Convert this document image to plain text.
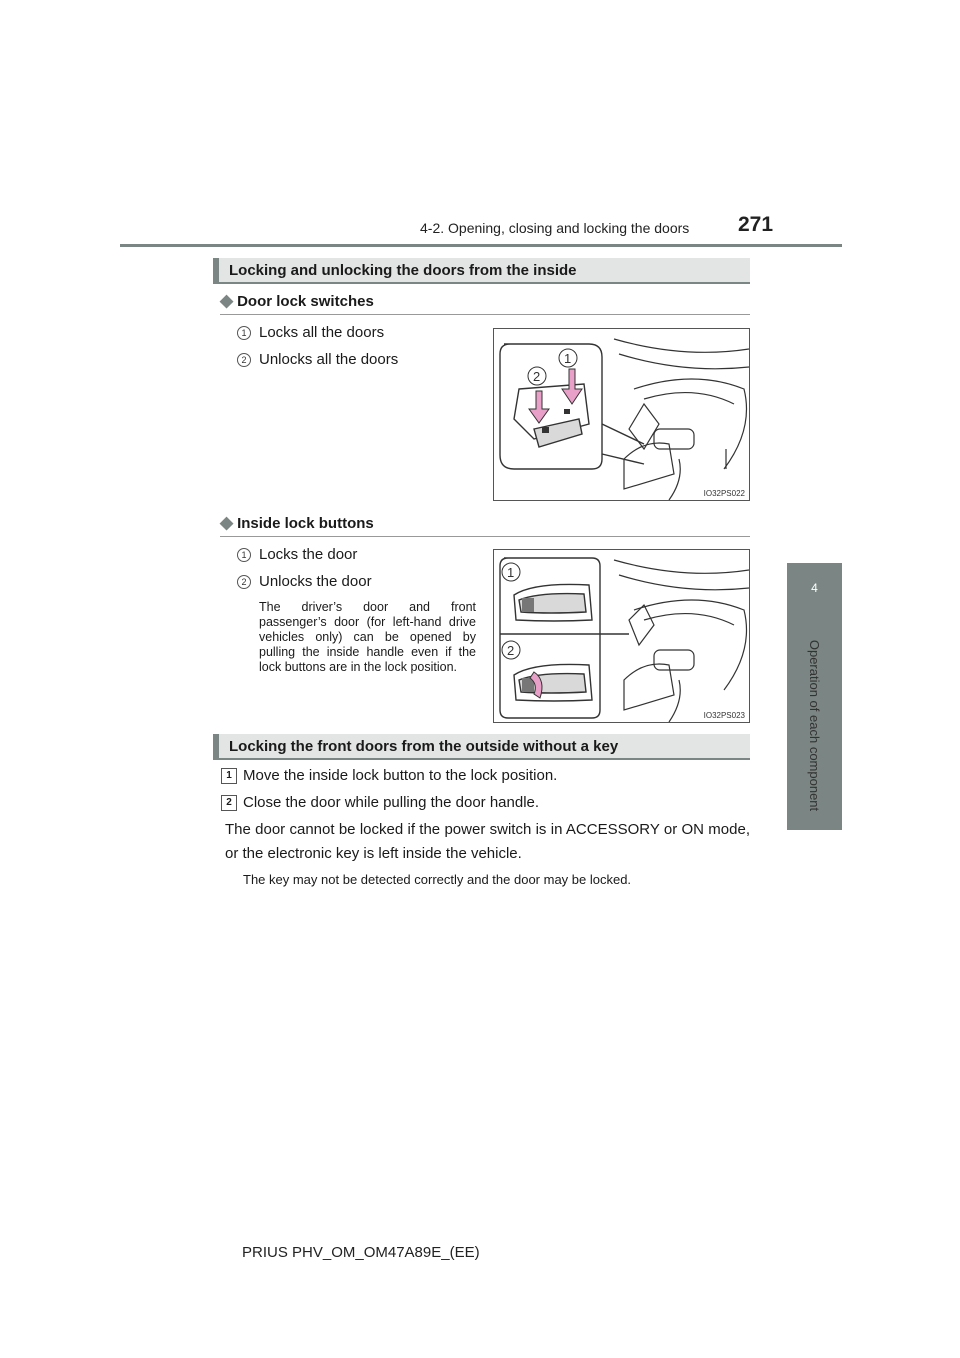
4-2. Opening, closing and locking the doors 271
4
Operation of each component
Locking and unlocking the doors from the inside
◆ Door lock switches
1 Locks all the doors
2 Unlocks all the doors	1
2
IO32PS022
◆ Inside lock buttons
1 Locks the door
2 Unlocks the door
The driver’s door and front passenger’s door (for left-hand drive vehicles only) can be opened by pulling the inside handle even if the lock buttons are in the lock position.
1
2
IO32PS023
Locking the front doors from the outside without a key
1 Move the inside lock button to the lock position.
2 Close the door while pulling the door handle.
The door cannot be locked if the power switch is in ACCESSORY or ON mode, or the electronic key is left inside the vehicle.
The key may not be detected correctly and the door may be locked.
PRIUS PHV_OM_OM47A89E_(EE)
